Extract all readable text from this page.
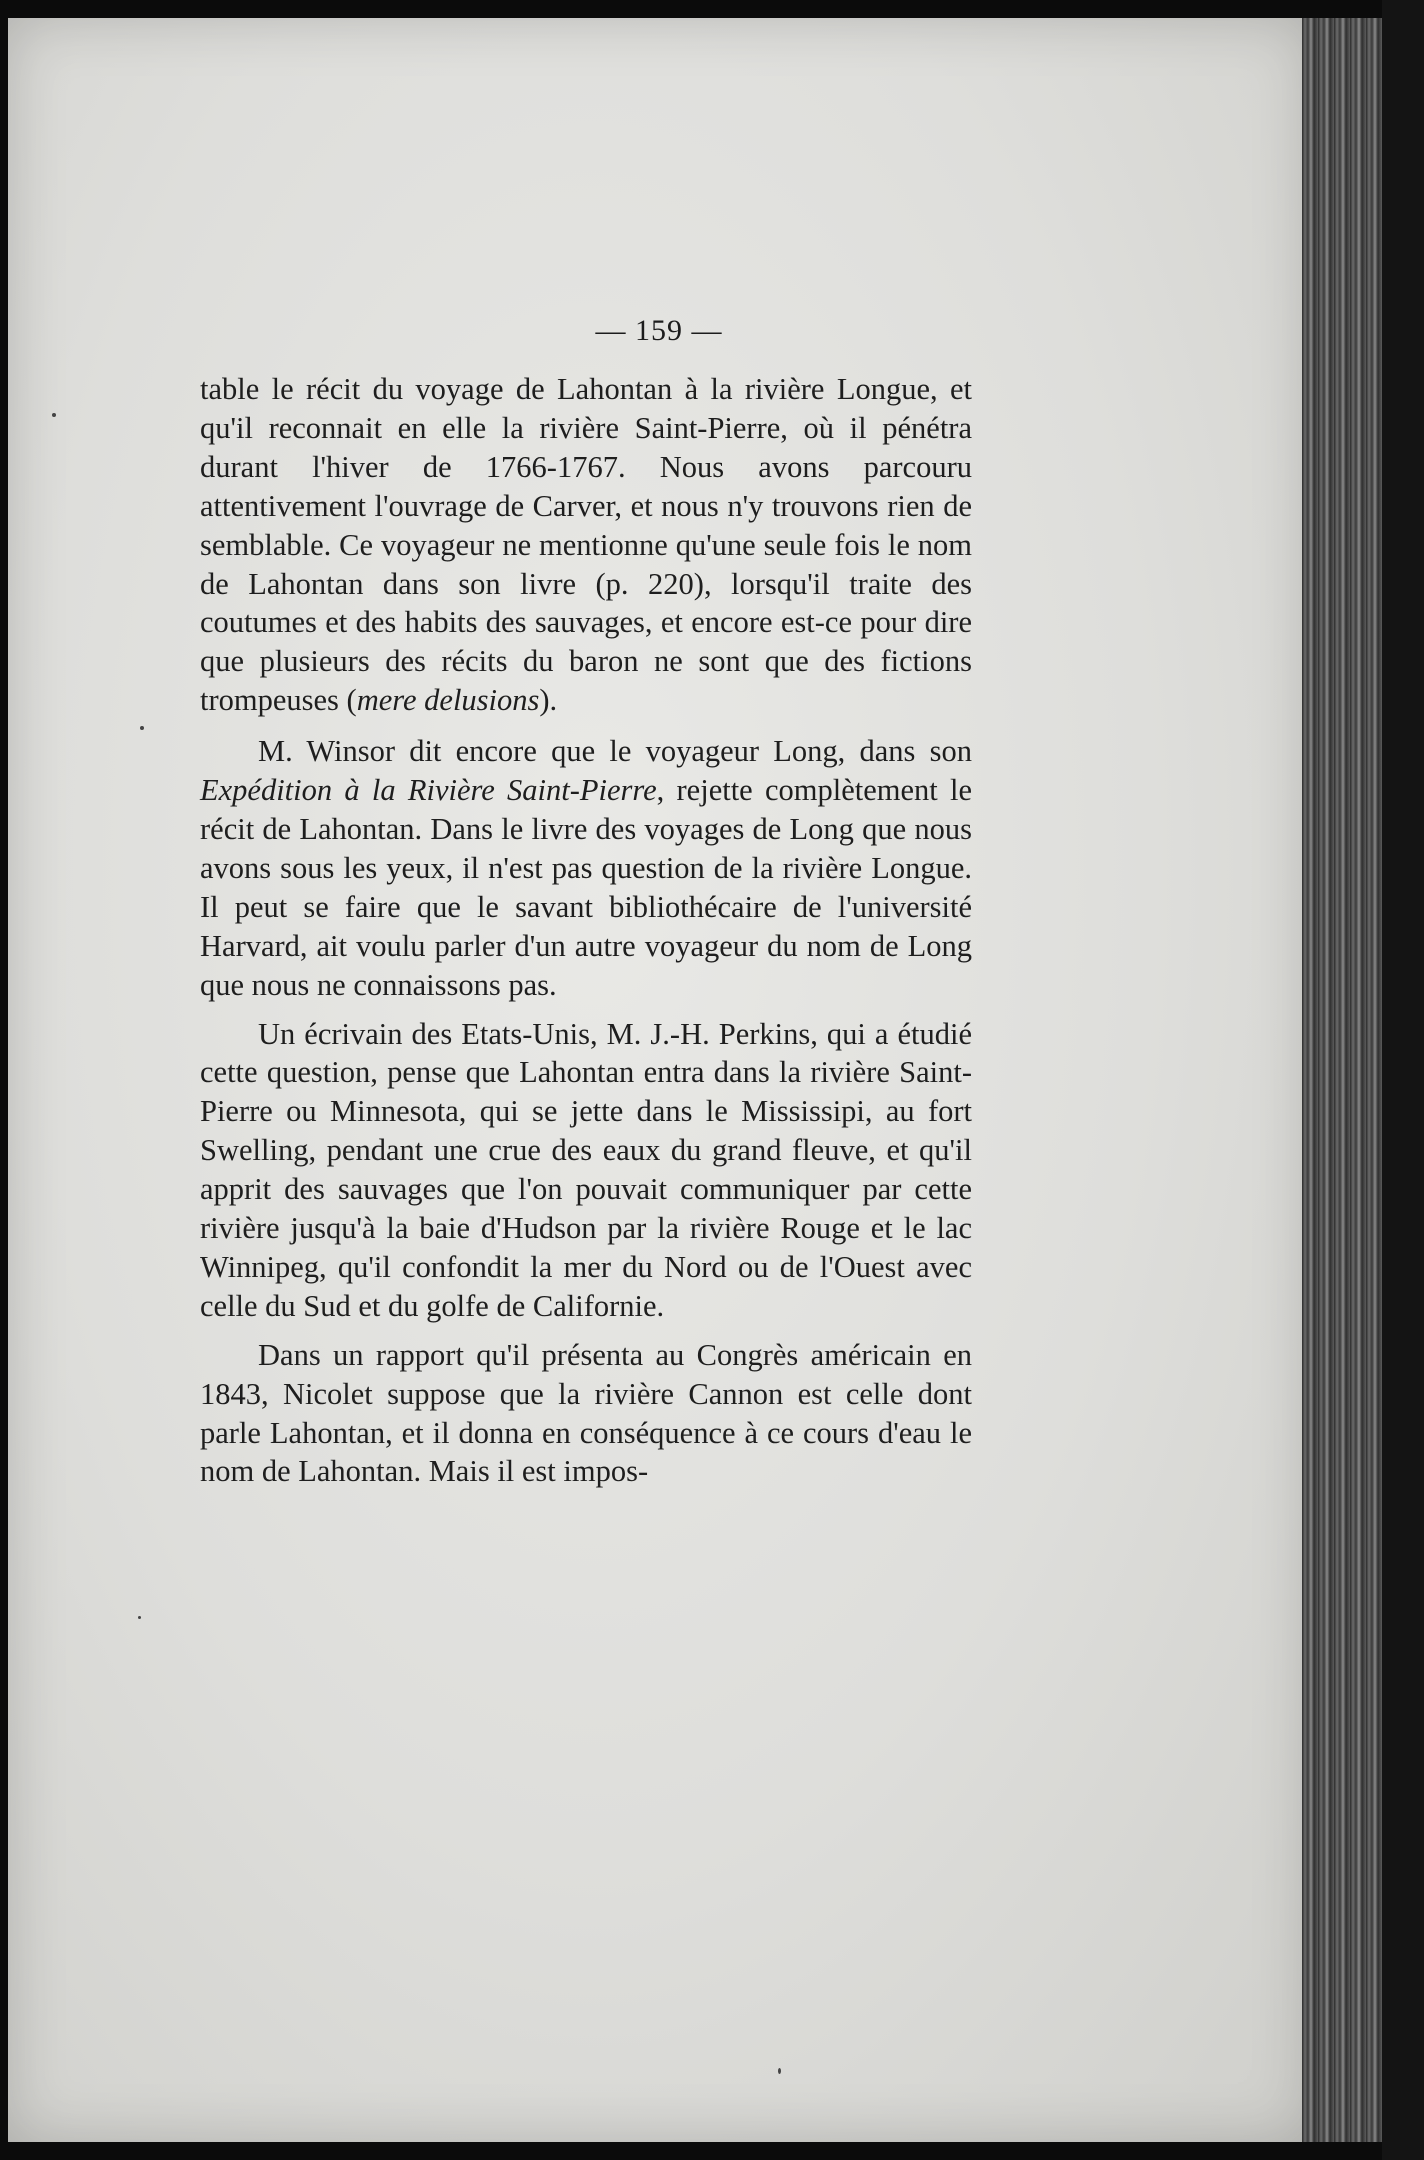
— 159 —

table le récit du voyage de Lahontan à la rivière Longue, et qu'il reconnait en elle la rivière Saint-Pierre, où il pénétra durant l'hiver de 1766-1767. Nous avons parcouru attentivement l'ouvrage de Carver, et nous n'y trouvons rien de semblable. Ce voyageur ne mentionne qu'une seule fois le nom de Lahontan dans son livre (p. 220), lorsqu'il traite des coutumes et des habits des sauvages, et encore est-ce pour dire que plusieurs des récits du baron ne sont que des fictions trompeuses (mere delusions).

M. Winsor dit encore que le voyageur Long, dans son Expédition à la Rivière Saint-Pierre, rejette complètement le récit de Lahontan. Dans le livre des voyages de Long que nous avons sous les yeux, il n'est pas question de la rivière Longue. Il peut se faire que le savant bibliothécaire de l'université Harvard, ait voulu parler d'un autre voyageur du nom de Long que nous ne connaissons pas.

Un écrivain des Etats-Unis, M. J.-H. Perkins, qui a étudié cette question, pense que Lahontan entra dans la rivière Saint-Pierre ou Minnesota, qui se jette dans le Mississipi, au fort Swelling, pendant une crue des eaux du grand fleuve, et qu'il apprit des sauvages que l'on pouvait communiquer par cette rivière jusqu'à la baie d'Hudson par la rivière Rouge et le lac Winnipeg, qu'il confondit la mer du Nord ou de l'Ouest avec celle du Sud et du golfe de Californie.

Dans un rapport qu'il présenta au Congrès américain en 1843, Nicolet suppose que la rivière Cannon est celle dont parle Lahontan, et il donna en conséquence à ce cours d'eau le nom de Lahontan. Mais il est impos-
